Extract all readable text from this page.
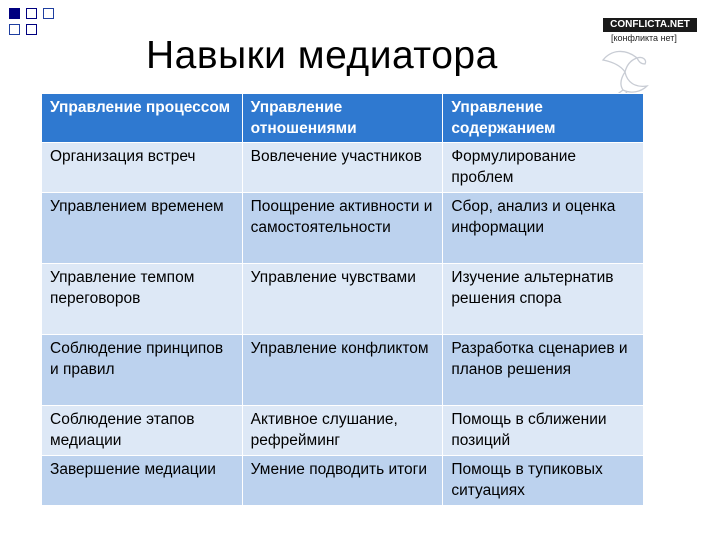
Навыки медиатора
CONFLICTA.NET
[конфликта нет]
Управление процессом	Управление отношениями	Управление содержанием
Организация встреч	Вовлечение участников	Формулирование проблем
Управлением временем	Поощрение активности и самостоятельности	Сбор, анализ и оценка информации
Управление темпом переговоров	Управление чувствами	Изучение альтернатив решения спора
Соблюдение принципов и правил	Управление конфликтом	Разработка сценариев и планов решения
Соблюдение этапов медиации	Активное слушание, рефрейминг	Помощь в сближении позиций
Завершение медиации	Умение подводить итоги	Помощь в тупиковых ситуациях
